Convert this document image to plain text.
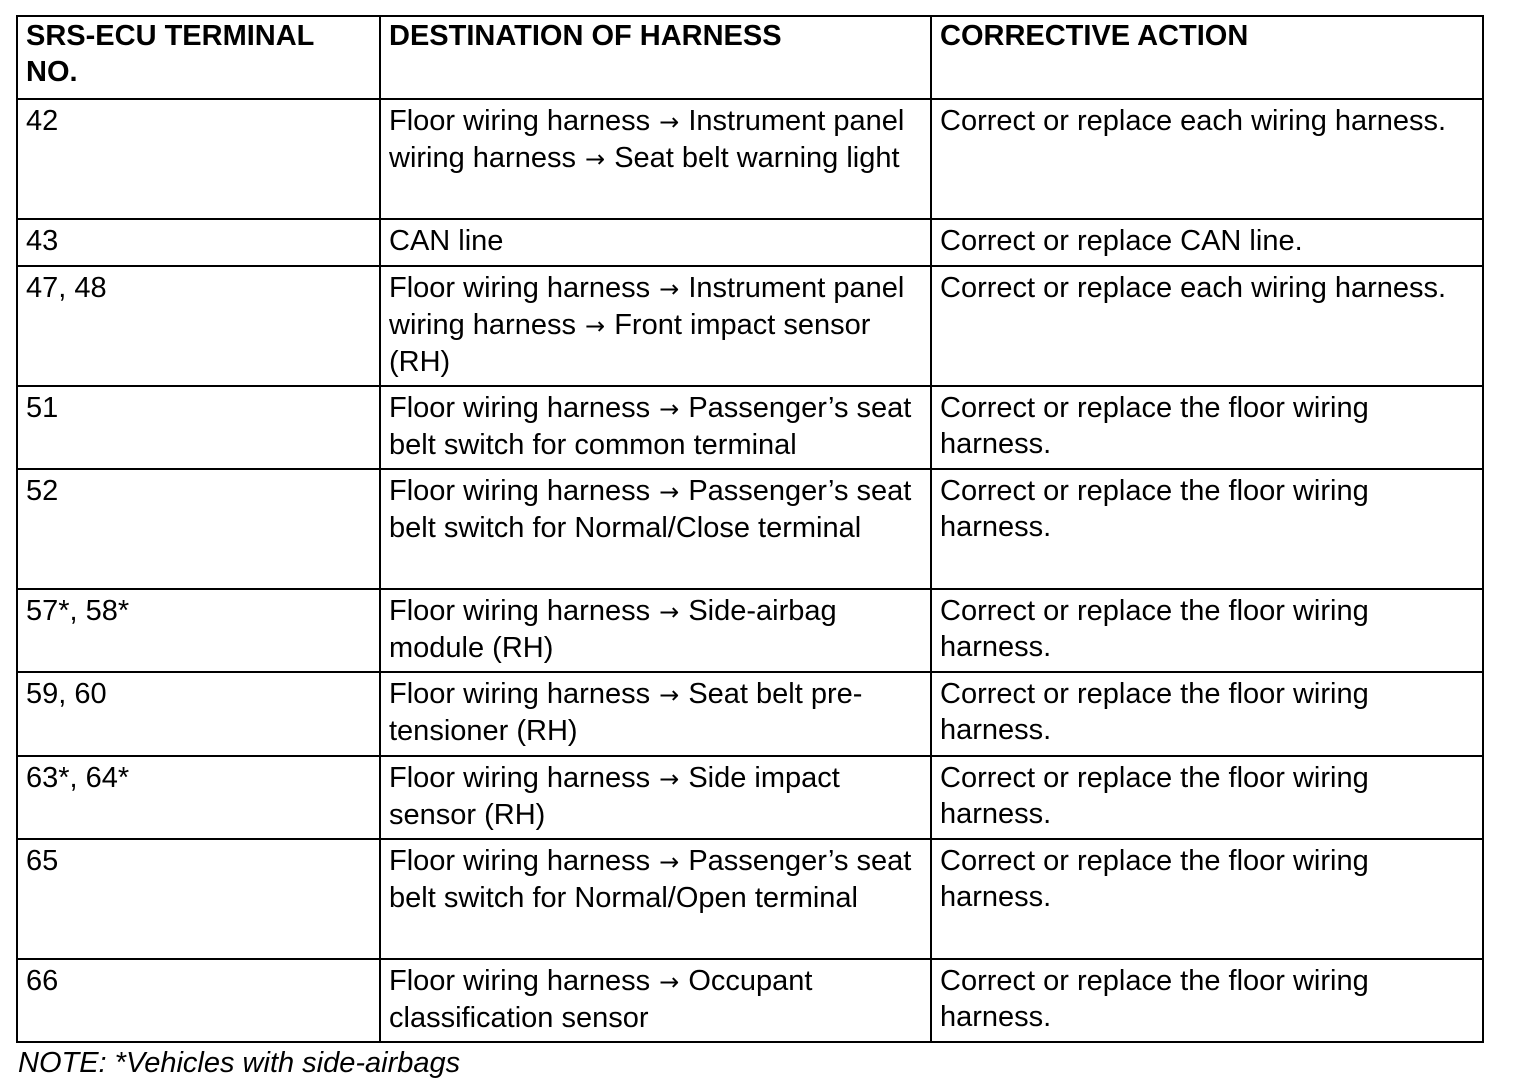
SRS-ECU TERMINAL NO.	DESTINATION OF HARNESS	CORRECTIVE ACTION
42	Floor wiring harness → Instrument panel wiring harness → Seat belt warning light	Correct or replace each wiring harness.
43	CAN line	Correct or replace CAN line.
47, 48	Floor wiring harness → Instrument panel wiring harness → Front impact sensor (RH)	Correct or replace each wiring harness.
51	Floor wiring harness → Passenger’s seat belt switch for common terminal	Correct or replace the floor wiring harness.
52	Floor wiring harness → Passenger’s seat belt switch for Normal/Close terminal	Correct or replace the floor wiring harness.
57*, 58*	Floor wiring harness → Side-airbag module (RH)	Correct or replace the floor wiring harness.
59, 60	Floor wiring harness → Seat belt pre-tensioner (RH)	Correct or replace the floor wiring harness.
63*, 64*	Floor wiring harness → Side impact sensor (RH)	Correct or replace the floor wiring harness.
65	Floor wiring harness → Passenger’s seat belt switch for Normal/Open terminal	Correct or replace the floor wiring harness.
66	Floor wiring harness → Occupant classification sensor	Correct or replace the floor wiring harness.
NOTE: *Vehicles with side-airbags
